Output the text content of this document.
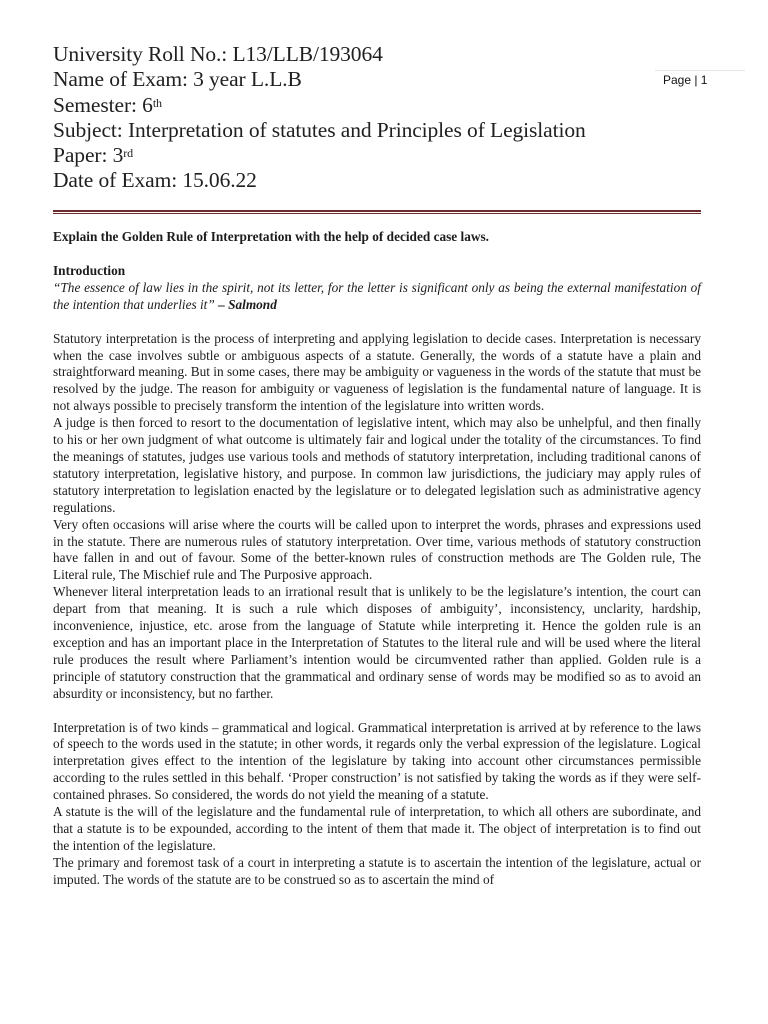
University Roll No.: L13/LLB/193064
Name of Exam: 3 year L.L.B
Semester: 6th
Subject: Interpretation of statutes and Principles of Legislation
Paper: 3rd
Date of Exam: 15.06.22
Page | 1

Explain the Golden Rule of Interpretation with the help of decided case laws.

Introduction

“The essence of law lies in the spirit, not its letter, for the letter is significant only as being the external manifestation of the intention that underlies it” – Salmond

Statutory interpretation is the process of interpreting and applying legislation to decide cases. Interpretation is necessary when the case involves subtle or ambiguous aspects of a statute. Generally, the words of a statute have a plain and straightforward meaning. But in some cases, there may be ambiguity or vagueness in the words of the statute that must be resolved by the judge. The reason for ambiguity or vagueness of legislation is the fundamental nature of language. It is not always possible to precisely transform the intention of the legislature into written words.

A judge is then forced to resort to the documentation of legislative intent, which may also be unhelpful, and then finally to his or her own judgment of what outcome is ultimately fair and logical under the totality of the circumstances. To find the meanings of statutes, judges use various tools and methods of statutory interpretation, including traditional canons of statutory interpretation, legislative history, and purpose. In common law jurisdictions, the judiciary may apply rules of statutory interpretation to legislation enacted by the legislature or to delegated legislation such as administrative agency regulations.

Very often occasions will arise where the courts will be called upon to interpret the words, phrases and expressions used in the statute. There are numerous rules of statutory interpretation. Over time, various methods of statutory construction have fallen in and out of favour. Some of the better-known rules of construction methods are The Golden rule, The Literal rule, The Mischief rule and The Purposive approach.

Whenever literal interpretation leads to an irrational result that is unlikely to be the legislature’s intention, the court can depart from that meaning. It is such a rule which disposes of ambiguity’, inconsistency, unclarity, hardship, inconvenience, injustice, etc. arose from the language of Statute while interpreting it. Hence the golden rule is an exception and has an important place in the Interpretation of Statutes to the literal rule and will be used where the literal rule produces the result where Parliament’s intention would be circumvented rather than applied. Golden rule is a principle of statutory construction that the grammatical and ordinary sense of words may be modified so as to avoid an absurdity or inconsistency, but no farther.

Interpretation is of two kinds – grammatical and logical. Grammatical interpretation is arrived at by reference to the laws of speech to the words used in the statute; in other words, it regards only the verbal expression of the legislature. Logical interpretation gives effect to the intention of the legislature by taking into account other circumstances permissible according to the rules settled in this behalf. ‘Proper construction’ is not satisfied by taking the words as if they were self-contained phrases. So considered, the words do not yield the meaning of a statute.

A statute is the will of the legislature and the fundamental rule of interpretation, to which all others are subordinate, and that a statute is to be expounded, according to the intent of them that made it. The object of interpretation is to find out the intention of the legislature.

The primary and foremost task of a court in interpreting a statute is to ascertain the intention of the legislature, actual or imputed. The words of the statute are to be construed so as to ascertain the mind of
